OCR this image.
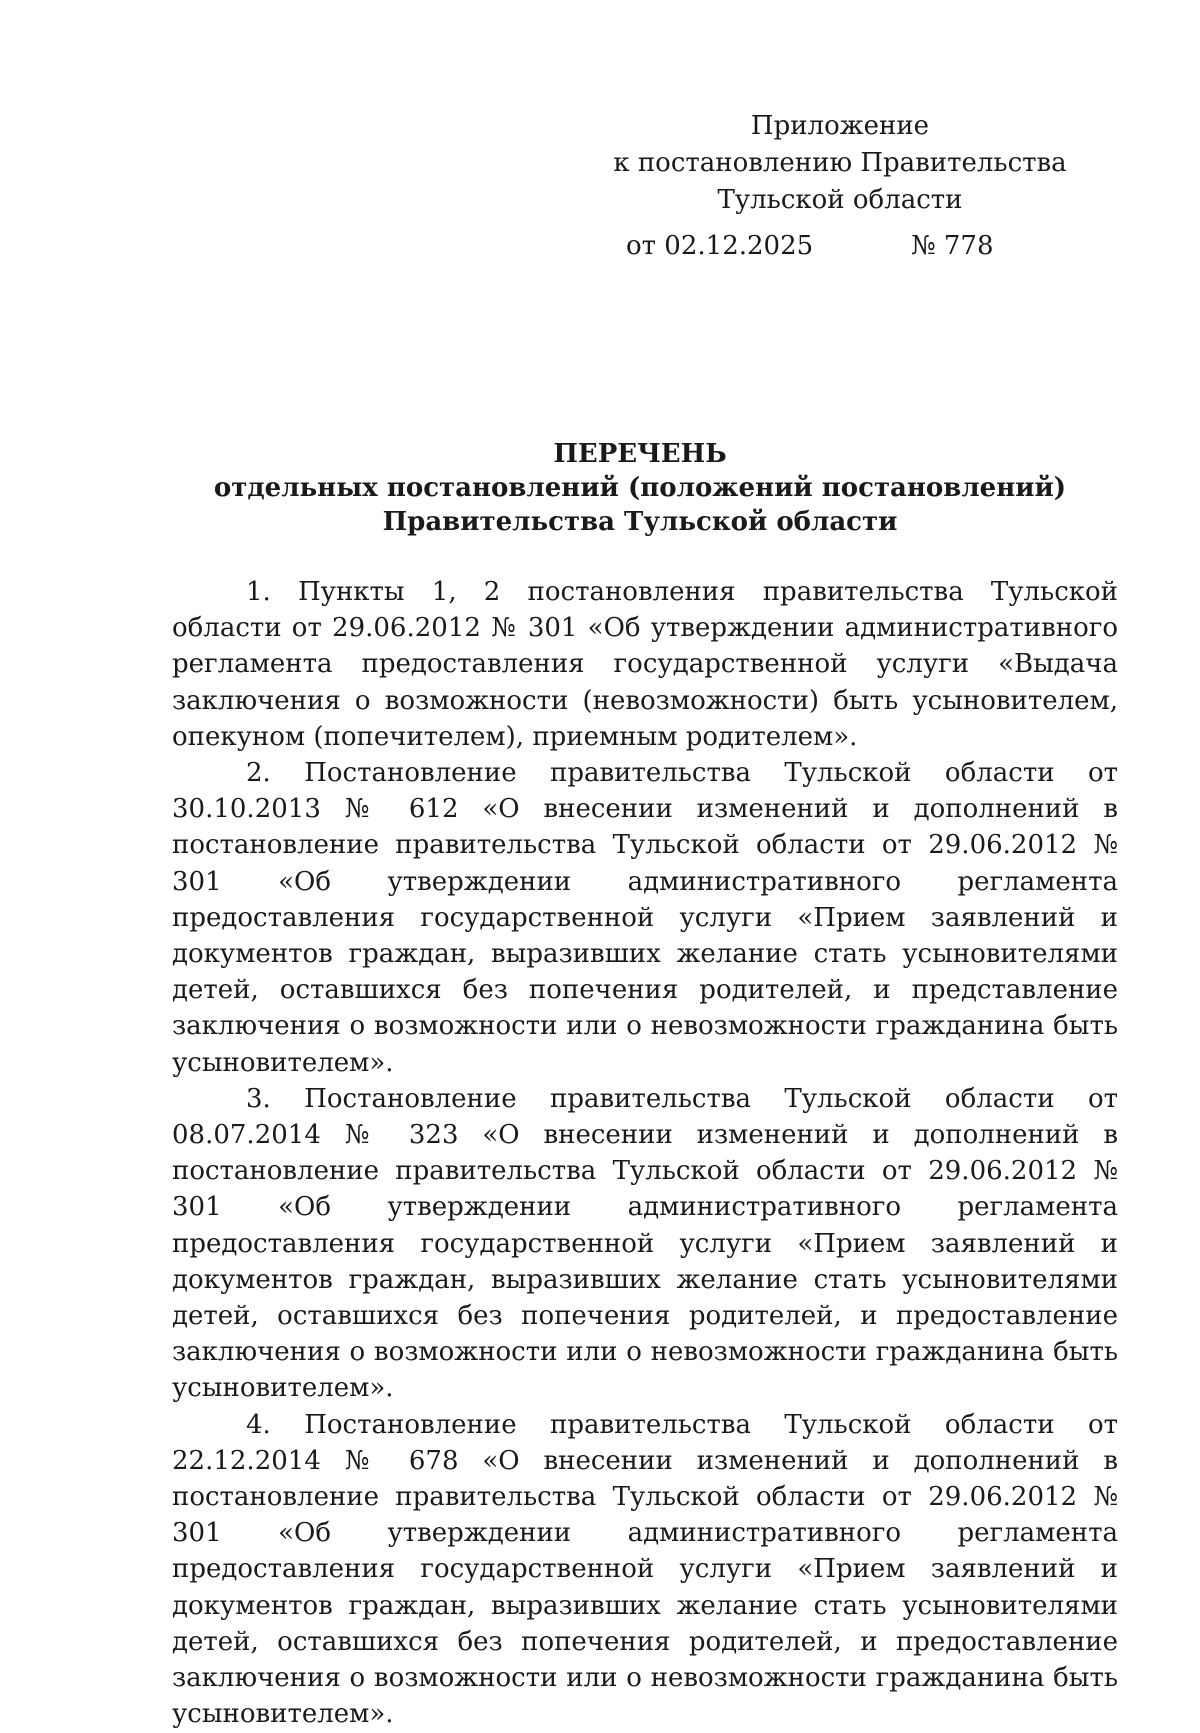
Приложение
к постановлению Правительства
Тульской области
от 02.12.2025	№ 778
ПЕРЕЧЕНЬ
отдельных постановлений (положений постановлений)
Правительства Тульской области

1. Пункты 1, 2 постановления правительства Тульской области от 29.06.2012 № 301 «Об утверждении административного регламента предоставления государственной услуги «Выдача заключения о возможности (невозможности) быть усыновителем, опекуном (попечителем), приемным родителем».

2. Постановление правительства Тульской области от 30.10.2013 № 612 «О внесении изменений и дополнений в постановление правительства Тульской области от 29.06.2012 № 301 «Об утверждении административного регламента предоставления государственной услуги «Прием заявлений и документов граждан, выразивших желание стать усыновителями детей, оставшихся без попечения родителей, и представление заключения о возможности или о невозможности гражданина быть усыновителем».

3. Постановление правительства Тульской области от 08.07.2014 № 323 «О внесении изменений и дополнений в постановление правительства Тульской области от 29.06.2012 № 301 «Об утверждении административного регламента предоставления государственной услуги «Прием заявлений и документов граждан, выразивших желание стать усыновителями детей, оставшихся без попечения родителей, и предоставление заключения о возможности или о невозможности гражданина быть усыновителем».

4. Постановление правительства Тульской области от 22.12.2014 № 678 «О внесении изменений и дополнений в постановление правительства Тульской области от 29.06.2012 № 301 «Об утверждении административного регламента предоставления государственной услуги «Прием заявлений и документов граждан, выразивших желание стать усыновителями детей, оставшихся без попечения родителей, и предоставление заключения о возможности или о невозможности гражданина быть усыновителем».
